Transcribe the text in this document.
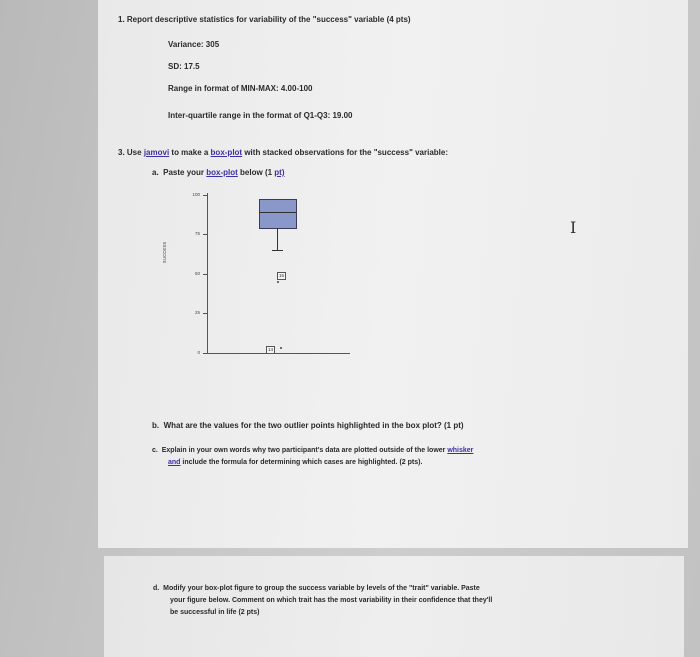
1. Report descriptive statistics for variability of the "success" variable (4 pts)
Variance: 305
SD: 17.5
Range in format of MIN-MAX: 4.00-100
Inter-quartile range in the format of Q1-Q3: 19.00
3. Use jamovi to make a box-plot with stacked observations for the "success" variable:
a. Paste your box-plot below (1 pt)
success
100
75
50
25
0
15
14
I
b. What are the values for the two outlier points highlighted in the box plot? (1 pt)
c. Explain in your own words why two participant's data are plotted outside of the lower whisker
and include the formula for determining which cases are highlighted. (2 pts).
d. Modify your box-plot figure to group the success variable by levels of the "trait" variable. Paste
your figure below. Comment on which trait has the most variability in their confidence that they'll
be successful in life (2 pts)
